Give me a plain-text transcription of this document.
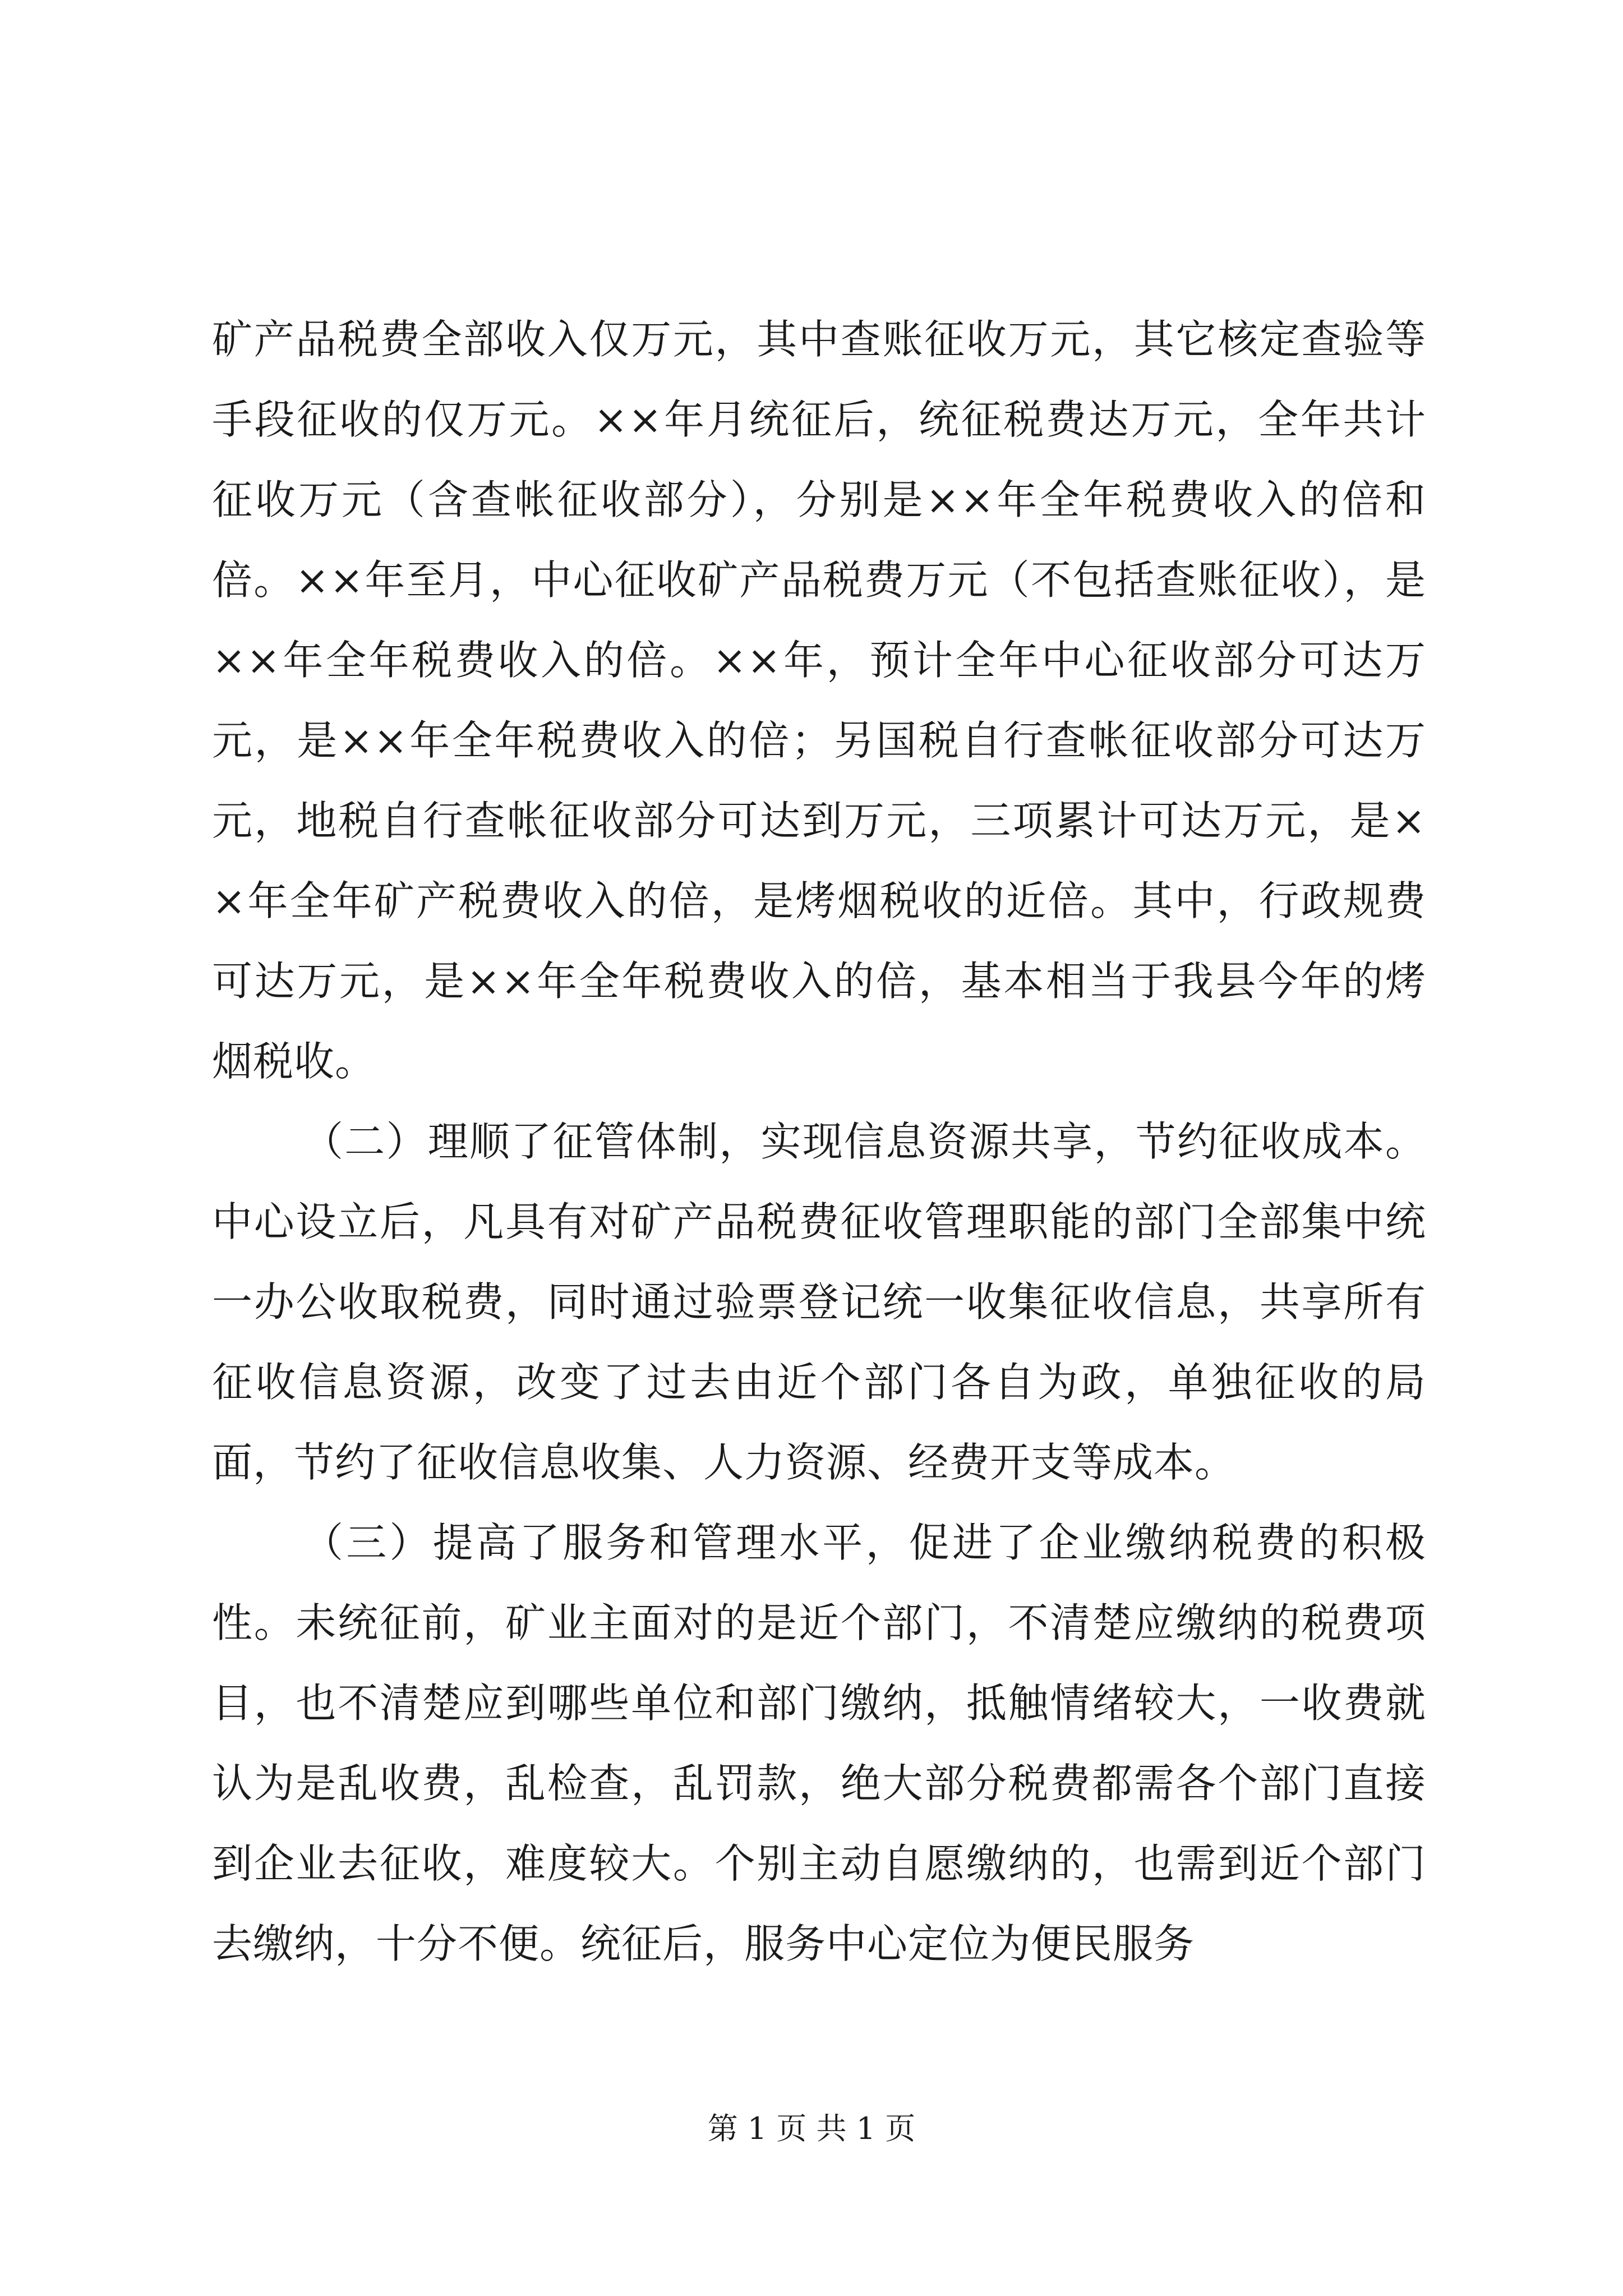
矿产品税费全部收入仅万元，其中查账征收万元，其它核定查验等手段征收的仅万元。××年月统征后，统征税费达万元，全年共计征收万元（含查帐征收部分），分别是××年全年税费收入的倍和倍。××年至月，中心征收矿产品税费万元（不包括查账征收），是××年全年税费收入的倍。××年，预计全年中心征收部分可达万元，是××年全年税费收入的倍；另国税自行查帐征收部分可达万元，地税自行查帐征收部分可达到万元，三项累计可达万元，是××年全年矿产税费收入的倍，是烤烟税收的近倍。其中，行政规费可达万元，是××年全年税费收入的倍，基本相当于我县今年的烤烟税收。

（二）理顺了征管体制，实现信息资源共享，节约征收成本。中心设立后，凡具有对矿产品税费征收管理职能的部门全部集中统一办公收取税费，同时通过验票登记统一收集征收信息，共享所有征收信息资源，改变了过去由近个部门各自为政，单独征收的局面，节约了征收信息收集、人力资源、经费开支等成本。

（三）提高了服务和管理水平，促进了企业缴纳税费的积极性。未统征前，矿业主面对的是近个部门，不清楚应缴纳的税费项目，也不清楚应到哪些单位和部门缴纳，抵触情绪较大，一收费就认为是乱收费，乱检查，乱罚款，绝大部分税费都需各个部门直接到企业去征收，难度较大。个别主动自愿缴纳的，也需到近个部门去缴纳，十分不便。统征后，服务中心定位为便民服务

第 1 页 共 1 页
